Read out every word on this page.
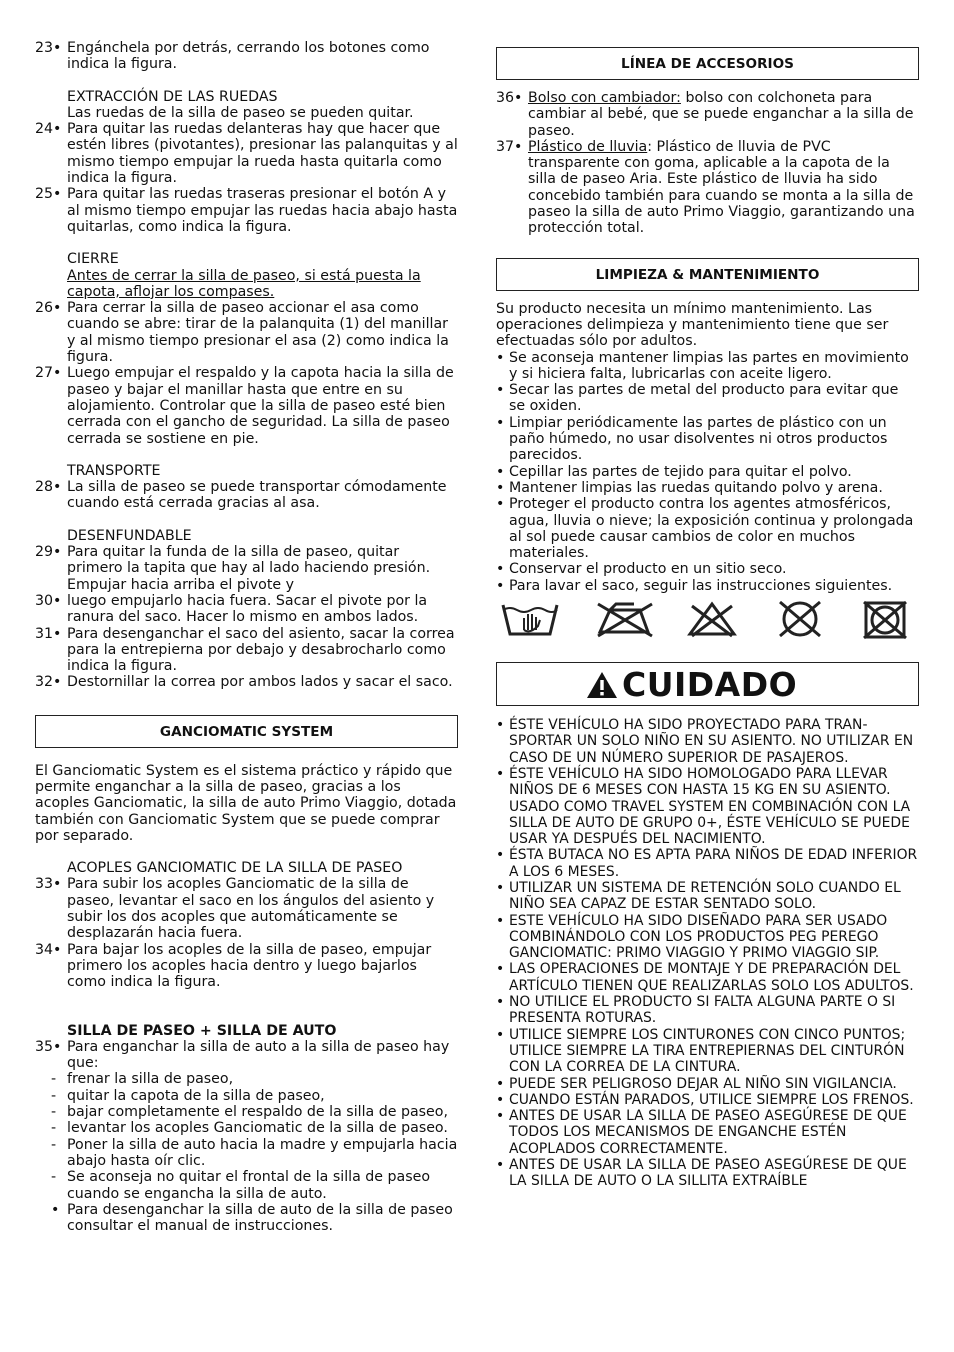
23• Engánchela por detrás, cerrando los botones como indica la figura.

EXTRACCIÓN DE LAS RUEDAS

Las ruedas de la silla de paseo se pueden quitar.

24• Para quitar las ruedas delanteras hay que hacer que estén libres (pivotantes), presionar las palanquitas y al mismo tiempo empujar la rueda hasta quitarla como indica la figura.
25• Para quitar las ruedas traseras presionar el botón A y al mismo tiempo empujar las ruedas hacia abajo hasta quitarlas, como indica la figura.

CIERRE

Antes de cerrar la silla de paseo, si está puesta la capota, aflojar los compases.

26• Para cerrar la silla de paseo accionar el asa como cuando se abre: tirar de la palanquita (1) del manillar y al mismo tiempo presionar el asa (2) como indica la figura.
27• Luego empujar el respaldo y la capota hacia la silla de paseo y bajar el manillar hasta que entre en su alojamiento. Controlar que la silla de paseo esté bien cerrada con el gancho de seguridad. La silla de paseo cerrada se sostiene en pie.

TRANSPORTE

28• La silla de paseo se puede transportar cómodamente cuando está cerrada gracias al asa.

DESENFUNDABLE

29• Para quitar la funda de la silla de paseo, quitar primero la tapita que hay al lado haciendo presión. Empujar hacia arriba el pivote y
30• luego empujarlo hacia fuera. Sacar el pivote por la ranura del saco. Hacer lo mismo en ambos lados.
31• Para desenganchar el saco del asiento, sacar la correa para la entrepierna por debajo y desabrocharlo como indica la figura.
32• Destornillar la correa por ambos lados y sacar el saco.
GANCIOMATIC SYSTEM

El Ganciomatic System es el sistema práctico y rápido que permite enganchar a la silla de paseo, gracias a los acoples Ganciomatic, la silla de auto Primo Viaggio, dotada también con Ganciomatic System que se puede comprar por separado.

ACOPLES GANCIOMATIC DE LA SILLA DE PASEO

33• Para subir los acoples Ganciomatic de la silla de paseo, levantar el saco en los ángulos del asiento y subir los dos acoples que automáticamente se desplazarán hacia fuera.
34• Para bajar los acoples de la silla de paseo, empujar primero los acoples hacia dentro y luego bajarlos como indica la figura.

SILLA DE PASEO + SILLA DE AUTO

35• Para enganchar la silla de auto a la silla de paseo hay que:
- frenar la silla de paseo,
- quitar la capota de la silla de paseo,
- bajar completamente el respaldo de la silla de paseo,
- levantar los acoples Ganciomatic de la silla de paseo.
- Poner la silla de auto hacia la madre y empujarla hacia abajo hasta oír clic.
- Se aconseja no quitar el frontal de la silla de paseo cuando se engancha la silla de auto.
• Para desenganchar la silla de auto de la silla de paseo consultar el manual de instrucciones.
LÍNEA DE ACCESORIOS
36• Bolso con cambiador: bolso con colchoneta para cambiar al bebé, que se puede enganchar a la silla de paseo.
37• Plástico de lluvia: Plástico de lluvia de PVC transparente con goma, aplicable a la capota de la silla de paseo Aria. Este plástico de lluvia ha sido concebido también para cuando se monta a la silla de paseo la silla de auto Primo Viaggio, garantizando una protección total.
LIMPIEZA & MANTENIMIENTO

Su producto necesita un mínimo mantenimiento. Las operaciones delimpieza y mantenimiento tiene que ser efectuadas sólo por adultos.

• Se aconseja mantener limpias las partes en movimiento y si hiciera falta, lubricarlas con aceite ligero.
• Secar las partes de metal del producto para evitar que se oxiden.
• Limpiar periódicamente las partes de plástico con un paño húmedo, no usar disolventes ni otros productos parecidos.
• Cepillar las partes de tejido para quitar el polvo.
• Mantener limpias las ruedas quitando polvo y arena.
• Proteger el producto contra los agentes atmosféricos, agua, lluvia o nieve; la exposición continua y prolongada al sol puede causar cambios de color en muchos materiales.
• Conservar el producto en un sitio seco.
• Para lavar el saco, seguir las instrucciones siguientes.
CUIDADO
• ÉSTE VEHÍCULO HA SIDO PROYECTADO PARA TRAN-SPORTAR UN SOLO NIÑO EN SU ASIENTO. NO UTILIZAR EN CASO DE UN NÚMERO SUPERIOR DE PASAJEROS.
• ÉSTE VEHÍCULO HA SIDO HOMOLOGADO PARA LLEVAR NIÑOS DE 6 MESES CON HASTA 15 KG EN SU ASIENTO. USADO COMO TRAVEL SYSTEM EN COMBINACIÓN CON LA SILLA DE AUTO DE GRUPO 0+, ÉSTE VEHÍCULO SE PUEDE USAR YA DESPUÉS DEL NACIMIENTO.
• ÉSTA BUTACA NO ES APTA PARA NIÑOS DE EDAD INFERIOR A LOS 6 MESES.
• UTILIZAR UN SISTEMA DE RETENCIÓN SOLO CUANDO EL NIÑO SEA CAPAZ DE ESTAR SENTADO SOLO.
• ESTE VEHÍCULO HA SIDO DISEÑADO PARA SER USADO COMBINÁNDOLO CON LOS PRODUCTOS PEG PEREGO GANCIOMATIC: PRIMO VIAGGIO Y PRIMO VIAGGIO SIP.
• LAS OPERACIONES DE MONTAJE Y DE PREPARACIÓN DEL ARTÍCULO TIENEN QUE REALIZARLAS SOLO LOS ADULTOS.
• NO UTILICE EL PRODUCTO SI FALTA ALGUNA PARTE O SI PRESENTA ROTURAS.
• UTILICE SIEMPRE LOS CINTURONES CON CINCO PUNTOS; UTILICE SIEMPRE LA TIRA ENTREPIERNAS DEL CINTURÓN CON LA CORREA DE LA CINTURA.
• PUEDE SER PELIGROSO DEJAR AL NIÑO SIN VIGILANCIA.
• CUANDO ESTÁN PARADOS, UTILICE SIEMPRE LOS FRENOS.
• ANTES DE USAR LA SILLA DE PASEO ASEGÚRESE DE QUE TODOS LOS MECANISMOS DE ENGANCHE ESTÉN ACOPLADOS CORRECTAMENTE.
• ANTES DE USAR LA SILLA DE PASEO ASEGÚRESE DE QUE LA SILLA DE AUTO O LA SILLITA EXTRAÍBLE
